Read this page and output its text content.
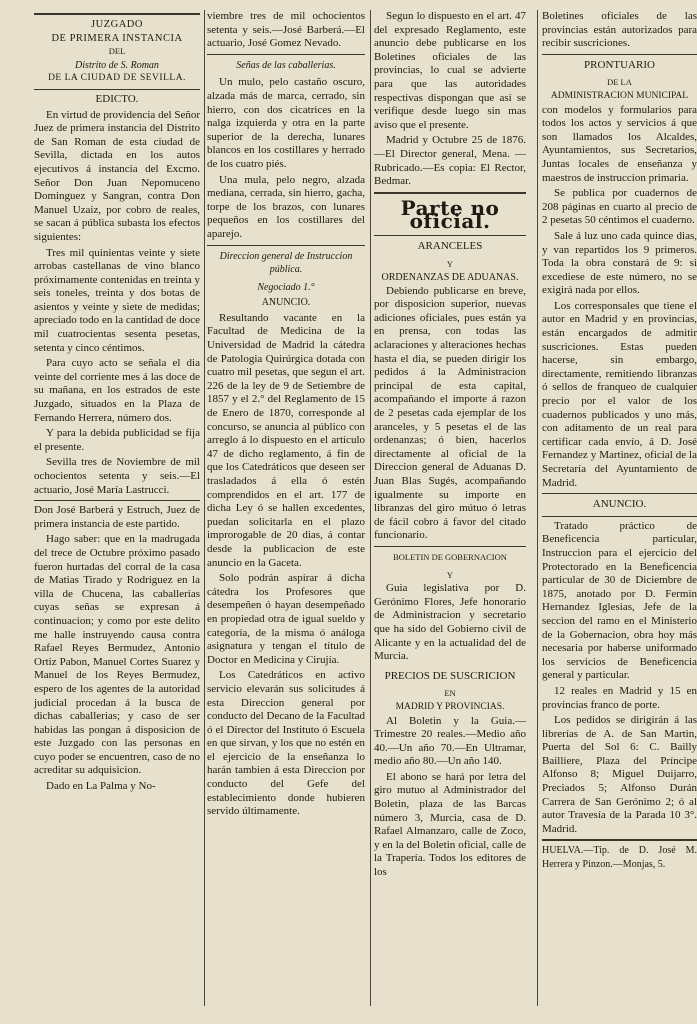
JUZGADO
DE PRIMERA INSTANCIA
DEL
Distrito de S. Roman
DE LA CIUDAD DE SEVILLA.
EDICTO.

En virtud de providencia del Señor Juez de primera instancia del Distrito de San Roman de esta ciudad de Sevilla, dictada en los autos ejecutivos á instancia del Excmo. Señor Don Juan Nepomuceno Dominguez y Sangran, contra Don Manuel Uzaiz, por cobro de reales, se sacan á pública subasta los efectos siguientes:

Tres mil quinientas veinte y siete arrobas castellanas de vino blanco próximamente contenidas en treinta y seis toneles, treinta y dos botas de asientos y veinte y siete de medidas; apreciado todo en la cantidad de doce mil cuatrocientas sesenta pesetas, setenta y cinco céntimos.

Para cuyo acto se señala el dia veinte del corriente mes á las doce de su mañana, en los estrados de este Juzgado, situados en la Plaza de Fernando Herrera, número dos.

Y para la debida publicidad se fija el presente.

Sevilla tres de Noviembre de mil ochocientos setenta y seis.—El actuario, José María Lastrucci.

Don José Barberá y Estruch, Juez de primera instancia de este partido.

Hago saber: que en la madrugada del trece de Octubre próximo pasado fueron hurtadas del corral de la casa de Matias Tirado y Rodriguez en la villa de Chucena, las caballerias cuyas señas se expresan á continuacion; y como por este delito me halle instruyendo causa contra Rafael Reyes Bermudez, Antonio Ortiz Pabon, Manuel Cortes Suarez y Manuel de los Reyes Bermudez, espero de los agentes de la autoridad judicial procedan á la busca de dichas caballerias; y caso de ser habidas las pongan á disposicion de este Juzgado con las personas en cuyo poder se encuentren, caso de no acreditar su adquisicion.

Dado en La Palma y No-

viembre tres de mil ochocientos setenta y seis.—José Barberá.—El actuario, José Gomez Nevado.

Señas de las caballerias.

Un mulo, pelo castaño oscuro, alzada más de marca, cerrado, sin hierro, con dos cicatrices en la nalga izquierda y otra en la parte superior de la derecha, lunares blancos en los costillares y herrado de los cuatro piés.

Una mula, pelo negro, alzada mediana, cerrada, sin hierro, gacha, torpe de los brazos, con lunares pequeños en los costillares del aparejo.

Direccion general de Instruccion pública.
Negociado 1.°
ANUNCIO.

Resultando vacante en la Facultad de Medicina de la Universidad de Madrid la cátedra de Patologia Quirúrgica dotada con cuatro mil pesetas, que segun el art. 226 de la ley de 9 de Setiembre de 1857 y el 2.° del Reglamento de 15 de Enero de 1870, corresponde al concurso, se anuncia al público con arreglo á lo dispuesto en el artículo 47 de dicho reglamento, á fin de que los Catedráticos que deseen ser trasladados á ella ó estén comprendidos en el art. 177 de dicha Ley ó se hallen excedentes, puedan solicitarla en el plazo improrogable de 20 dias, á contar desde la publicacion de este anuncio en la Gaceta.

Solo podrán aspirar á dicha cátedra los Profesores que desempeñen ó hayan desempeñado en propiedad otra de igual sueldo y categoría, de la misma ó análoga asignatura y tengan el título de Doctor en Medicina y Cirujía.

Los Catedráticos en activo servicio elevarán sus solicitudes á esta Direccion general por conducto del Decano de la Facultad ó el Director del Instituto ó Escuela en que sirvan, y los que no estén en el ejercicio de la enseñanza lo harán tambien á esta Direccion por conducto del Gefe del establecimiento donde hubieren servido últimamente.

Segun lo dispuesto en el art. 47 del expresado Reglamento, este anuncio debe publicarse en los Boletines oficiales de las provincias, lo cual se advierte para que las autoridades respectivas dispongan que así se verifique desde luego sin mas aviso que el presente.

Madrid y Octubre 25 de 1876. —El Director general, Mena. —Rubricado.—Es copia: El Rector, Bedmar.

Parte no oficial.
ARANCELES
Y
ORDENANZAS DE ADUANAS.

Debiendo publicarse en breve, por disposicion superior, nuevas adiciones oficiales, pues están ya en prensa, con todas las aclaraciones y alteraciones hechas hasta el dia, se pueden dirigir los pedidos á la Administracion principal de esta capital, acompañando el importe á razon de 2 pesetas cada ejemplar de los aranceles, y 5 pesetas el de las ordenanzas; ó bien, hacerlos directamente al oficial de la Direccion general de Aduanas D. Juan Blas Sugés, acompañando igualmente su importe en libranzas del giro mútuo ó letras de fácil cobro á favor del citado funcionario.

BOLETIN DE GOBERNACION
Y

Guia legislativa por D. Gerónimo Flores, Jefe honorario de Administracion y secretario que ha sido del Gobierno civil de Alicante y en la actualidad del de Murcia.

PRECIOS DE SUSCRICION
EN
MADRID Y PROVINCIAS.

Al Boletin y la Guia.—Trimestre 20 reales.—Medio año 40.—Un año 70.—En Ultramar, medio año 80.—Un año 140.

El abono se hará por letra del giro mutuo al Administrador del Boletin, plaza de las Barcas número 3, Murcia, casa de D. Rafael Almanzaro, calle de Zoco, y en la del Boletin oficial, calle de la Trapería. Todos los editores de los

Boletines oficiales de las provincias están autorizados para recibir suscriciones.

PRONTUARIO
DE LA
ADMINISTRACION MUNICIPAL

con modelos y formularios para todos los actos y servicios á que son llamados los Alcaldes, Ayuntamientos, sus Secretarios, Juntas locales de enseñanza y maestros de instruccion primaria.

Se publica por cuadernos de 208 páginas en cuarto al precio de 2 pesetas 50 céntimos el cuaderno.

Sale á luz uno cada quince dias, y van repartidos los 9 primeros. Toda la obra constará de 9: si excediese de este número, no se exigirá nada por ellos.

Los corresponsales que tiene el autor en Madrid y en provincias, están encargados de admitir suscriciones. Estas pueden hacerse, sin embargo, directamente, remitiendo libranzas ó sellos de franqueo de cualquier precio por el valor de los cuadernos publicados y uno más, con aditamento de un real para certificar cada envío, á D. José Fernandez y Martinez, oficial de la Secretaría del Ayuntamiento de Madrid.

ANUNCIO.

Tratado práctico de Beneficencia particular, Instruccion para el ejercicio del Protectorado en la Beneficencia particular de 30 de Diciembre de 1875, anotado por D. Fermin Hernandez Iglesias, Jefe de la seccion del ramo en el Ministerio de la Gobernacion, obra hoy más necesaria por haberse uniformado los servicios de Beneficencia general y particular.

12 reales en Madrid y 15 en provincias franco de porte.

Los pedidos se dirigirán á las librerías de A. de San Martin, Puerta del Sol 6: C. Bailly Bailliere, Plaza del Príncipe Alfonso 8; Miguel Duijarro, Preciados 5; Alfonso Durán Carrera de San Gerónimo 2; ó al autor Travesía de la Parada 10 3°. Madrid.

HUELVA.—Tip. de D. José M. Herrera y Pinzon.—Monjas, 5.
